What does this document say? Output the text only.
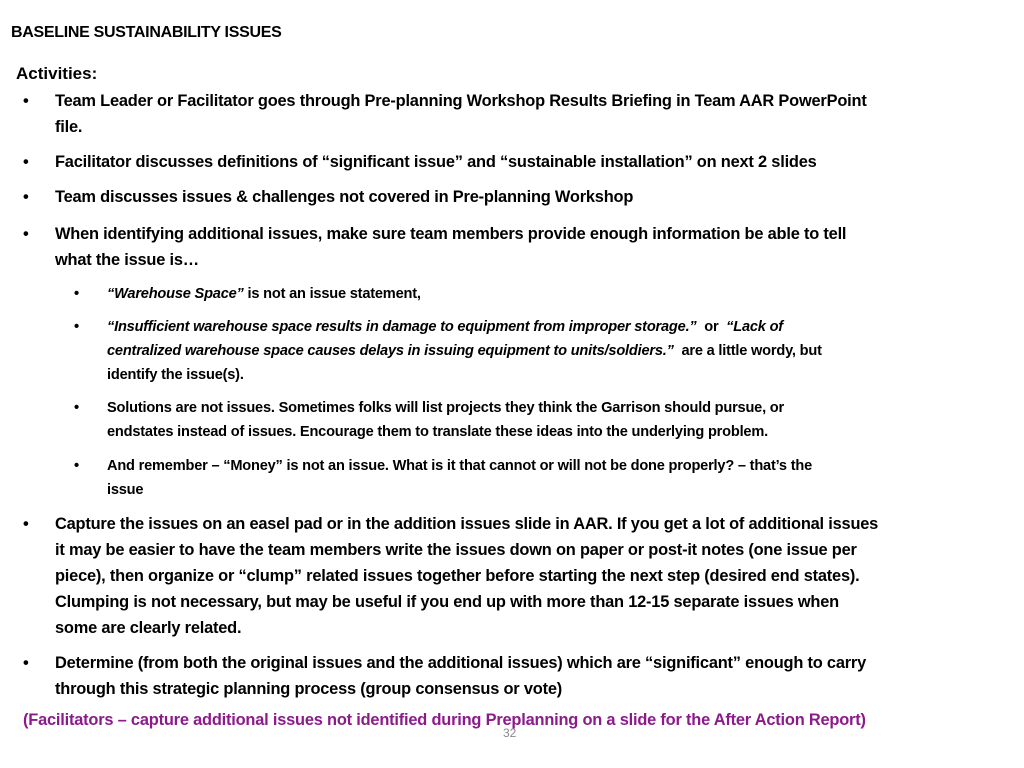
BASELINE SUSTAINABILITY ISSUES
Activities:
• Team Leader or Facilitator goes through Pre-planning Workshop Results Briefing in Team AAR PowerPoint
file.
• Facilitator discusses definitions of “significant issue” and “sustainable installation” on next 2 slides
• Team discusses issues & challenges not covered in Pre-planning Workshop
• When identifying additional issues, make sure team members provide enough information be able to tell
what the issue is…
• “Warehouse Space” is not an issue statement,
• “Insufficient warehouse space results in damage to equipment from improper storage.”  or  “Lack of
centralized warehouse space causes delays in issuing equipment to units/soldiers.”  are a little wordy, but
identify the issue(s).
• Solutions are not issues. Sometimes folks will list projects they think the Garrison should pursue, or
endstates instead of issues. Encourage them to translate these ideas into the underlying problem.
• And remember – “Money” is not an issue. What is it that cannot or will not be done properly? – that’s the
issue
• Capture the issues on an easel pad or in the addition issues slide in AAR. If you get a lot of additional issues
it may be easier to have the team members write the issues down on paper or post-it notes (one issue per
piece), then organize or “clump” related issues together before starting the next step (desired end states).
Clumping is not necessary, but may be useful if you end up with more than 12-15 separate issues when
some are clearly related.
• Determine (from both the original issues and the additional issues) which are “significant” enough to carry
through this strategic planning process (group consensus or vote)
(Facilitators – capture additional issues not identified during Preplanning on a slide for the After Action Report)
32
